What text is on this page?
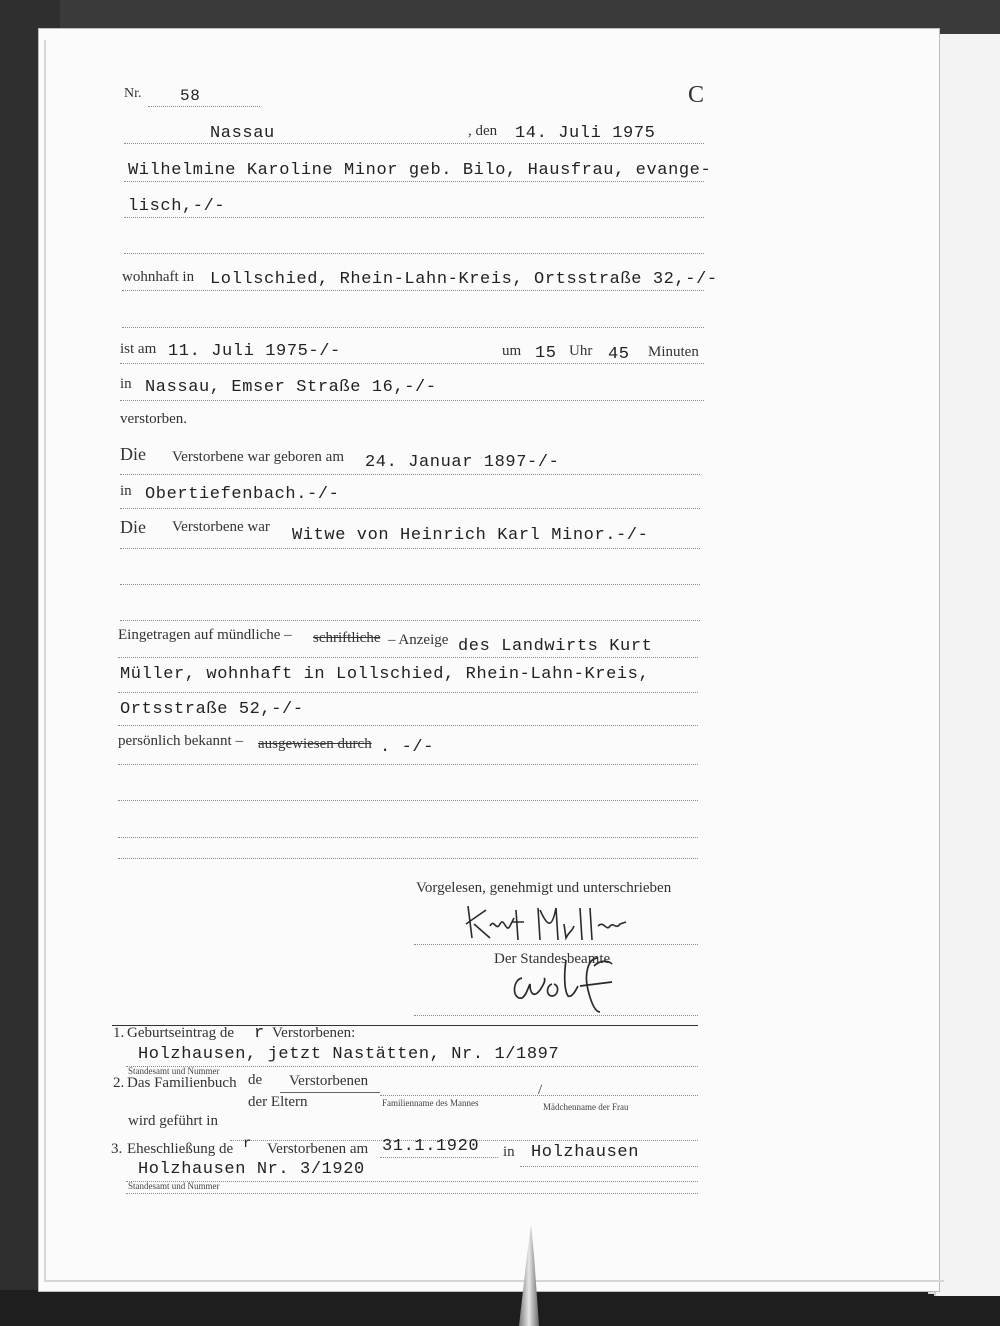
Nr. 58	C
Nassau	, den 14. Juli 1975
Wilhelmine Karoline Minor geb. Bilo, Hausfrau, evange-
lisch,-/-
wohnhaft in Lollschied, Rhein-Lahn-Kreis, Ortsstraße 32,-/-
ist am 11. Juli 1975-/-	um 15 Uhr 45 Minuten
in Nassau, Emser Straße 16,-/-
verstorben.
Die Verstorbene war geboren am 24. Januar 1897-/-
in Obertiefenbach.-/-
Die Verstorbene war Witwe von Heinrich Karl Minor.-/-
Eingetragen auf mündliche – schriftliche – Anzeige des Landwirts Kurt
Müller, wohnhaft in Lollschied, Rhein-Lahn-Kreis,
Ortsstraße 52,-/-
persönlich bekannt – ausgewiesen durch . -/-
Vorgelesen, genehmigt und unterschrieben
Der Standesbeamte
1. Geburtseintrag de r Verstorbenen:
Holzhausen, jetzt Nastätten, Nr. 1/1897
Standesamt und Nummer
2. Das Familienbuch de Verstorbenen
der Eltern	Familienname des Mannes
/
Mädchenname der Frau
wird geführt in
3. Eheschließung de r Verstorbenen am 31.1.1920 in Holzhausen
Holzhausen Nr. 3/1920
Standesamt und Nummer
